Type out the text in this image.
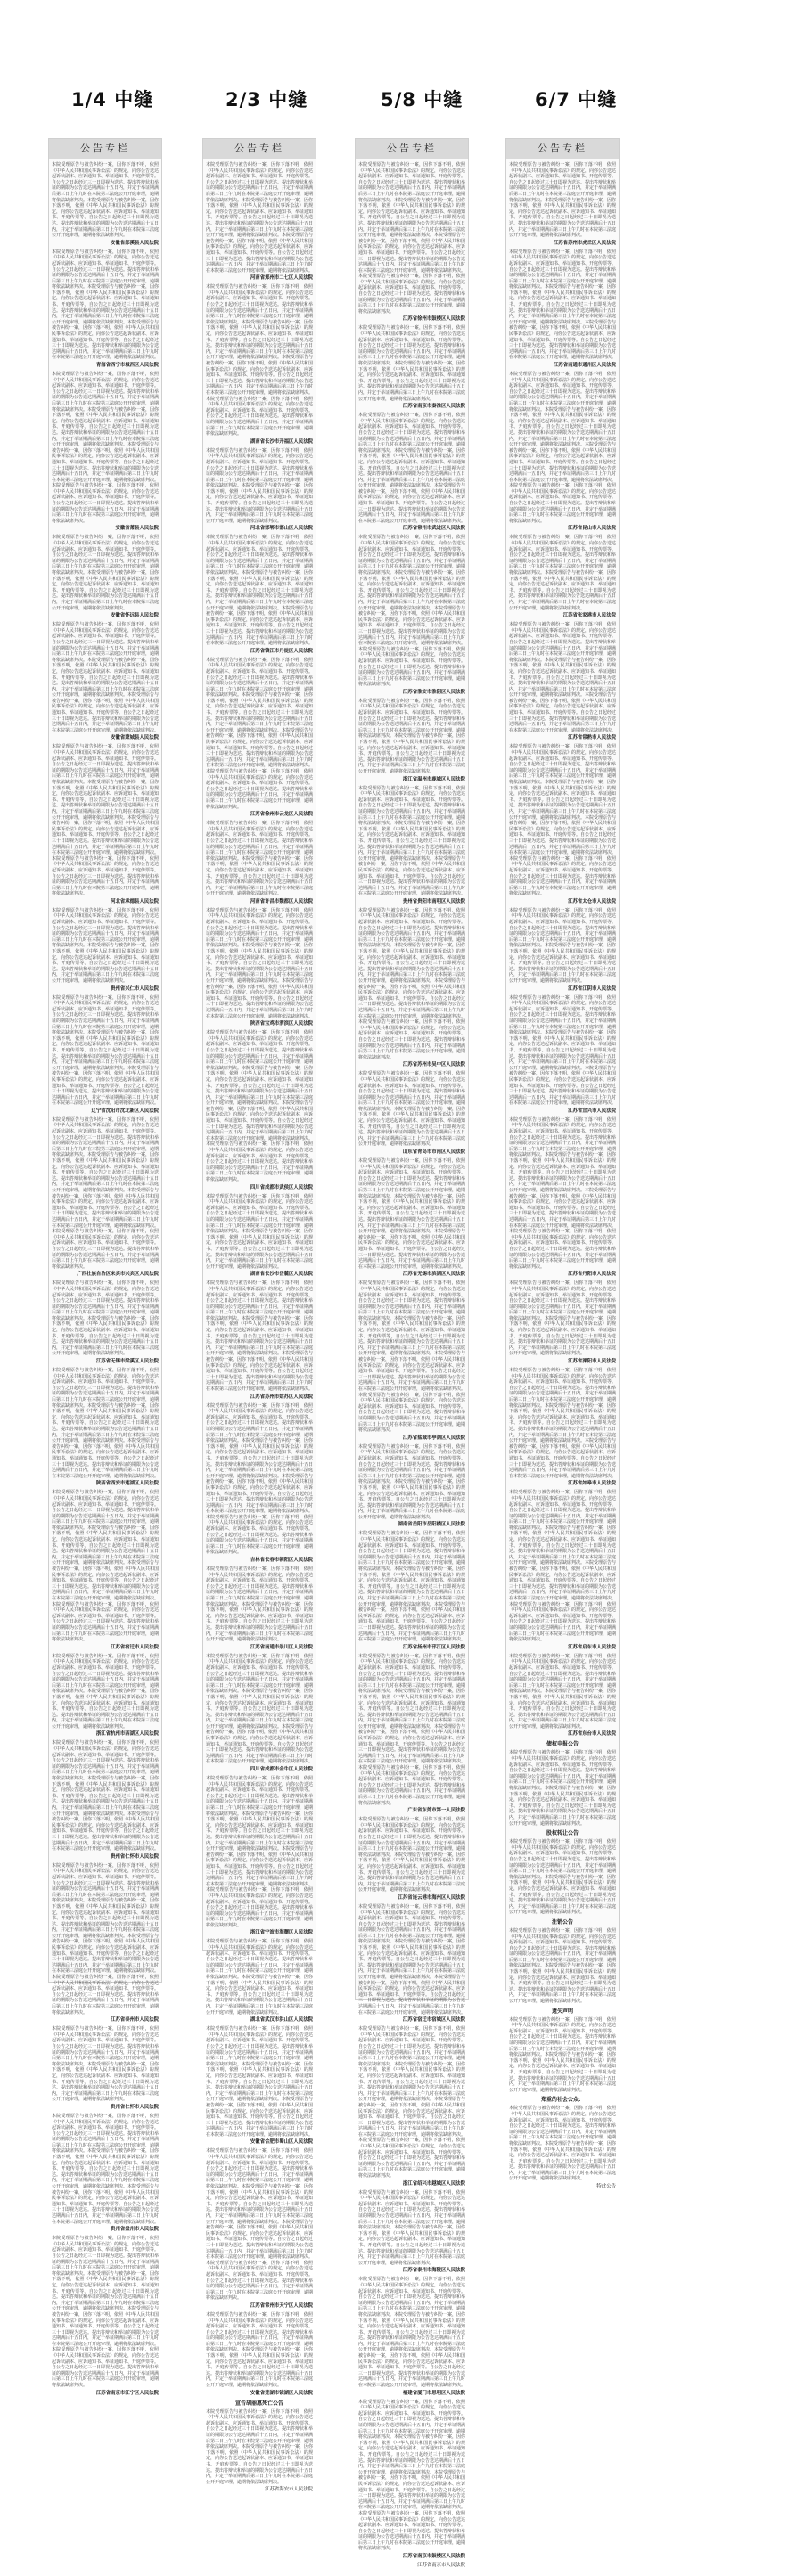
1/4 中缝	2/3 中缝	5/8 中缝	6/7 中缝
公告专栏
本院受理原告与被告纠纷一案，因你下落不明，依照《中华人民共和国民事诉讼法》的规定，向你公告送达起诉状副本、应诉通知书、举证通知书、开庭传票等。自公告之日起经过三十日即视为送达。提出答辩状和举证的期限为公告送达期满后十五日内，并定于举证期满后第三日上午九时在本院第三法庭公开开庭审理，逾期将依法缺席判决。本院受理原告与被告纠纷一案，因你下落不明，依照《中华人民共和国民事诉讼法》的规定，向你公告送达起诉状副本、应诉通知书、举证通知书、开庭传票等。自公告之日起经过三十日即视为送达。提出答辩状和举证的期限为公告送达期满后十五日内，并定于举证期满后第三日上午九时在本院第三法庭公开开庭审理，逾期将依法缺席判决。
安徽省郎溪县人民法院
本院受理原告与被告纠纷一案，因你下落不明，依照《中华人民共和国民事诉讼法》的规定，向你公告送达起诉状副本、应诉通知书、举证通知书、开庭传票等。自公告之日起经过三十日即视为送达。提出答辩状和举证的期限为公告送达期满后十五日内，并定于举证期满后第三日上午九时在本院第三法庭公开开庭审理，逾期将依法缺席判决。本院受理原告与被告纠纷一案，因你下落不明，依照《中华人民共和国民事诉讼法》的规定，向你公告送达起诉状副本、应诉通知书、举证通知书、开庭传票等。自公告之日起经过三十日即视为送达。提出答辩状和举证的期限为公告送达期满后十五日内，并定于举证期满后第三日上午九时在本院第三法庭公开开庭审理，逾期将依法缺席判决。本院受理原告与被告纠纷一案，因你下落不明，依照《中华人民共和国民事诉讼法》的规定，向你公告送达起诉状副本、应诉通知书、举证通知书、开庭传票等。自公告之日起经过三十日即视为送达。提出答辩状和举证的期限为公告送达期满后十五日内，并定于举证期满后第三日上午九时在本院第三法庭公开开庭审理，逾期将依法缺席判决。
青海省西宁市城西区人民法院
本院受理原告与被告纠纷一案，因你下落不明，依照《中华人民共和国民事诉讼法》的规定，向你公告送达起诉状副本、应诉通知书、举证通知书、开庭传票等。自公告之日起经过三十日即视为送达。提出答辩状和举证的期限为公告送达期满后十五日内，并定于举证期满后第三日上午九时在本院第三法庭公开开庭审理，逾期将依法缺席判决。本院受理原告与被告纠纷一案，因你下落不明，依照《中华人民共和国民事诉讼法》的规定，向你公告送达起诉状副本、应诉通知书、举证通知书、开庭传票等。自公告之日起经过三十日即视为送达。提出答辩状和举证的期限为公告送达期满后十五日内，并定于举证期满后第三日上午九时在本院第三法庭公开开庭审理，逾期将依法缺席判决。本院受理原告与被告纠纷一案，因你下落不明，依照《中华人民共和国民事诉讼法》的规定，向你公告送达起诉状副本、应诉通知书、举证通知书、开庭传票等。自公告之日起经过三十日即视为送达。提出答辩状和举证的期限为公告送达期满后十五日内，并定于举证期满后第三日上午九时在本院第三法庭公开开庭审理，逾期将依法缺席判决。本院受理原告与被告纠纷一案，因你下落不明，依照《中华人民共和国民事诉讼法》的规定，向你公告送达起诉状副本、应诉通知书、举证通知书、开庭传票等。自公告之日起经过三十日即视为送达。提出答辩状和举证的期限为公告送达期满后十五日内，并定于举证期满后第三日上午九时在本院第三法庭公开开庭审理，逾期将依法缺席判决。
安徽省萧县人民法院
本院受理原告与被告纠纷一案，因你下落不明，依照《中华人民共和国民事诉讼法》的规定，向你公告送达起诉状副本、应诉通知书、举证通知书、开庭传票等。自公告之日起经过三十日即视为送达。提出答辩状和举证的期限为公告送达期满后十五日内，并定于举证期满后第三日上午九时在本院第三法庭公开开庭审理，逾期将依法缺席判决。本院受理原告与被告纠纷一案，因你下落不明，依照《中华人民共和国民事诉讼法》的规定，向你公告送达起诉状副本、应诉通知书、举证通知书、开庭传票等。自公告之日起经过三十日即视为送达。提出答辩状和举证的期限为公告送达期满后十五日内，并定于举证期满后第三日上午九时在本院第三法庭公开开庭审理，逾期将依法缺席判决。
安徽省怀远县人民法院
本院受理原告与被告纠纷一案，因你下落不明，依照《中华人民共和国民事诉讼法》的规定，向你公告送达起诉状副本、应诉通知书、举证通知书、开庭传票等。自公告之日起经过三十日即视为送达。提出答辩状和举证的期限为公告送达期满后十五日内，并定于举证期满后第三日上午九时在本院第三法庭公开开庭审理，逾期将依法缺席判决。本院受理原告与被告纠纷一案，因你下落不明，依照《中华人民共和国民事诉讼法》的规定，向你公告送达起诉状副本、应诉通知书、举证通知书、开庭传票等。自公告之日起经过三十日即视为送达。提出答辩状和举证的期限为公告送达期满后十五日内，并定于举证期满后第三日上午九时在本院第三法庭公开开庭审理，逾期将依法缺席判决。本院受理原告与被告纠纷一案，因你下落不明，依照《中华人民共和国民事诉讼法》的规定，向你公告送达起诉状副本、应诉通知书、举证通知书、开庭传票等。自公告之日起经过三十日即视为送达。提出答辩状和举证的期限为公告送达期满后十五日内，并定于举证期满后第三日上午九时在本院第三法庭公开开庭审理，逾期将依法缺席判决。
安徽省蒙城县人民法院
本院受理原告与被告纠纷一案，因你下落不明，依照《中华人民共和国民事诉讼法》的规定，向你公告送达起诉状副本、应诉通知书、举证通知书、开庭传票等。自公告之日起经过三十日即视为送达。提出答辩状和举证的期限为公告送达期满后十五日内，并定于举证期满后第三日上午九时在本院第三法庭公开开庭审理，逾期将依法缺席判决。本院受理原告与被告纠纷一案，因你下落不明，依照《中华人民共和国民事诉讼法》的规定，向你公告送达起诉状副本、应诉通知书、举证通知书、开庭传票等。自公告之日起经过三十日即视为送达。提出答辩状和举证的期限为公告送达期满后十五日内，并定于举证期满后第三日上午九时在本院第三法庭公开开庭审理，逾期将依法缺席判决。本院受理原告与被告纠纷一案，因你下落不明，依照《中华人民共和国民事诉讼法》的规定，向你公告送达起诉状副本、应诉通知书、举证通知书、开庭传票等。自公告之日起经过三十日即视为送达。提出答辩状和举证的期限为公告送达期满后十五日内，并定于举证期满后第三日上午九时在本院第三法庭公开开庭审理，逾期将依法缺席判决。本院受理原告与被告纠纷一案，因你下落不明，依照《中华人民共和国民事诉讼法》的规定，向你公告送达起诉状副本、应诉通知书、举证通知书、开庭传票等。自公告之日起经过三十日即视为送达。提出答辩状和举证的期限为公告送达期满后十五日内，并定于举证期满后第三日上午九时在本院第三法庭公开开庭审理，逾期将依法缺席判决。
河北省承德县人民法院
本院受理原告与被告纠纷一案，因你下落不明，依照《中华人民共和国民事诉讼法》的规定，向你公告送达起诉状副本、应诉通知书、举证通知书、开庭传票等。自公告之日起经过三十日即视为送达。提出答辩状和举证的期限为公告送达期满后十五日内，并定于举证期满后第三日上午九时在本院第三法庭公开开庭审理，逾期将依法缺席判决。本院受理原告与被告纠纷一案，因你下落不明，依照《中华人民共和国民事诉讼法》的规定，向你公告送达起诉状副本、应诉通知书、举证通知书、开庭传票等。自公告之日起经过三十日即视为送达。提出答辩状和举证的期限为公告送达期满后十五日内，并定于举证期满后第三日上午九时在本院第三法庭公开开庭审理，逾期将依法缺席判决。
贵州省兴仁市人民法院
本院受理原告与被告纠纷一案，因你下落不明，依照《中华人民共和国民事诉讼法》的规定，向你公告送达起诉状副本、应诉通知书、举证通知书、开庭传票等。自公告之日起经过三十日即视为送达。提出答辩状和举证的期限为公告送达期满后十五日内，并定于举证期满后第三日上午九时在本院第三法庭公开开庭审理，逾期将依法缺席判决。本院受理原告与被告纠纷一案，因你下落不明，依照《中华人民共和国民事诉讼法》的规定，向你公告送达起诉状副本、应诉通知书、举证通知书、开庭传票等。自公告之日起经过三十日即视为送达。提出答辩状和举证的期限为公告送达期满后十五日内，并定于举证期满后第三日上午九时在本院第三法庭公开开庭审理，逾期将依法缺席判决。本院受理原告与被告纠纷一案，因你下落不明，依照《中华人民共和国民事诉讼法》的规定，向你公告送达起诉状副本、应诉通知书、举证通知书、开庭传票等。自公告之日起经过三十日即视为送达。提出答辩状和举证的期限为公告送达期满后十五日内，并定于举证期满后第三日上午九时在本院第三法庭公开开庭审理，逾期将依法缺席判决。
辽宁省沈阳市沈北新区人民法院
本院受理原告与被告纠纷一案，因你下落不明，依照《中华人民共和国民事诉讼法》的规定，向你公告送达起诉状副本、应诉通知书、举证通知书、开庭传票等。自公告之日起经过三十日即视为送达。提出答辩状和举证的期限为公告送达期满后十五日内，并定于举证期满后第三日上午九时在本院第三法庭公开开庭审理，逾期将依法缺席判决。本院受理原告与被告纠纷一案，因你下落不明，依照《中华人民共和国民事诉讼法》的规定，向你公告送达起诉状副本、应诉通知书、举证通知书、开庭传票等。自公告之日起经过三十日即视为送达。提出答辩状和举证的期限为公告送达期满后十五日内，并定于举证期满后第三日上午九时在本院第三法庭公开开庭审理，逾期将依法缺席判决。本院受理原告与被告纠纷一案，因你下落不明，依照《中华人民共和国民事诉讼法》的规定，向你公告送达起诉状副本、应诉通知书、举证通知书、开庭传票等。自公告之日起经过三十日即视为送达。提出答辩状和举证的期限为公告送达期满后十五日内，并定于举证期满后第三日上午九时在本院第三法庭公开开庭审理，逾期将依法缺席判决。本院受理原告与被告纠纷一案，因你下落不明，依照《中华人民共和国民事诉讼法》的规定，向你公告送达起诉状副本、应诉通知书、举证通知书、开庭传票等。自公告之日起经过三十日即视为送达。提出答辩状和举证的期限为公告送达期满后十五日内，并定于举证期满后第三日上午九时在本院第三法庭公开开庭审理，逾期将依法缺席判决。
广西壮族自治区来宾市兴宾区人民法院
本院受理原告与被告纠纷一案，因你下落不明，依照《中华人民共和国民事诉讼法》的规定，向你公告送达起诉状副本、应诉通知书、举证通知书、开庭传票等。自公告之日起经过三十日即视为送达。提出答辩状和举证的期限为公告送达期满后十五日内，并定于举证期满后第三日上午九时在本院第三法庭公开开庭审理，逾期将依法缺席判决。本院受理原告与被告纠纷一案，因你下落不明，依照《中华人民共和国民事诉讼法》的规定，向你公告送达起诉状副本、应诉通知书、举证通知书、开庭传票等。自公告之日起经过三十日即视为送达。提出答辩状和举证的期限为公告送达期满后十五日内，并定于举证期满后第三日上午九时在本院第三法庭公开开庭审理，逾期将依法缺席判决。
江苏省无锡市梁溪区人民法院
本院受理原告与被告纠纷一案，因你下落不明，依照《中华人民共和国民事诉讼法》的规定，向你公告送达起诉状副本、应诉通知书、举证通知书、开庭传票等。自公告之日起经过三十日即视为送达。提出答辩状和举证的期限为公告送达期满后十五日内，并定于举证期满后第三日上午九时在本院第三法庭公开开庭审理，逾期将依法缺席判决。本院受理原告与被告纠纷一案，因你下落不明，依照《中华人民共和国民事诉讼法》的规定，向你公告送达起诉状副本、应诉通知书、举证通知书、开庭传票等。自公告之日起经过三十日即视为送达。提出答辩状和举证的期限为公告送达期满后十五日内，并定于举证期满后第三日上午九时在本院第三法庭公开开庭审理，逾期将依法缺席判决。本院受理原告与被告纠纷一案，因你下落不明，依照《中华人民共和国民事诉讼法》的规定，向你公告送达起诉状副本、应诉通知书、举证通知书、开庭传票等。自公告之日起经过三十日即视为送达。提出答辩状和举证的期限为公告送达期满后十五日内，并定于举证期满后第三日上午九时在本院第三法庭公开开庭审理，逾期将依法缺席判决。
陕西省西安市莲湖区人民法院
本院受理原告与被告纠纷一案，因你下落不明，依照《中华人民共和国民事诉讼法》的规定，向你公告送达起诉状副本、应诉通知书、举证通知书、开庭传票等。自公告之日起经过三十日即视为送达。提出答辩状和举证的期限为公告送达期满后十五日内，并定于举证期满后第三日上午九时在本院第三法庭公开开庭审理，逾期将依法缺席判决。本院受理原告与被告纠纷一案，因你下落不明，依照《中华人民共和国民事诉讼法》的规定，向你公告送达起诉状副本、应诉通知书、举证通知书、开庭传票等。自公告之日起经过三十日即视为送达。提出答辩状和举证的期限为公告送达期满后十五日内，并定于举证期满后第三日上午九时在本院第三法庭公开开庭审理，逾期将依法缺席判决。本院受理原告与被告纠纷一案，因你下落不明，依照《中华人民共和国民事诉讼法》的规定，向你公告送达起诉状副本、应诉通知书、举证通知书、开庭传票等。自公告之日起经过三十日即视为送达。提出答辩状和举证的期限为公告送达期满后十五日内，并定于举证期满后第三日上午九时在本院第三法庭公开开庭审理，逾期将依法缺席判决。本院受理原告与被告纠纷一案，因你下落不明，依照《中华人民共和国民事诉讼法》的规定，向你公告送达起诉状副本、应诉通知书、举证通知书、开庭传票等。自公告之日起经过三十日即视为送达。提出答辩状和举证的期限为公告送达期满后十五日内，并定于举证期满后第三日上午九时在本院第三法庭公开开庭审理，逾期将依法缺席判决。
江苏省宿迁市人民法院
本院受理原告与被告纠纷一案，因你下落不明，依照《中华人民共和国民事诉讼法》的规定，向你公告送达起诉状副本、应诉通知书、举证通知书、开庭传票等。自公告之日起经过三十日即视为送达。提出答辩状和举证的期限为公告送达期满后十五日内，并定于举证期满后第三日上午九时在本院第三法庭公开开庭审理，逾期将依法缺席判决。本院受理原告与被告纠纷一案，因你下落不明，依照《中华人民共和国民事诉讼法》的规定，向你公告送达起诉状副本、应诉通知书、举证通知书、开庭传票等。自公告之日起经过三十日即视为送达。提出答辩状和举证的期限为公告送达期满后十五日内，并定于举证期满后第三日上午九时在本院第三法庭公开开庭审理，逾期将依法缺席判决。
浙江省杭州市西湖区人民法院
本院受理原告与被告纠纷一案，因你下落不明，依照《中华人民共和国民事诉讼法》的规定，向你公告送达起诉状副本、应诉通知书、举证通知书、开庭传票等。自公告之日起经过三十日即视为送达。提出答辩状和举证的期限为公告送达期满后十五日内，并定于举证期满后第三日上午九时在本院第三法庭公开开庭审理，逾期将依法缺席判决。本院受理原告与被告纠纷一案，因你下落不明，依照《中华人民共和国民事诉讼法》的规定，向你公告送达起诉状副本、应诉通知书、举证通知书、开庭传票等。自公告之日起经过三十日即视为送达。提出答辩状和举证的期限为公告送达期满后十五日内，并定于举证期满后第三日上午九时在本院第三法庭公开开庭审理，逾期将依法缺席判决。本院受理原告与被告纠纷一案，因你下落不明，依照《中华人民共和国民事诉讼法》的规定，向你公告送达起诉状副本、应诉通知书、举证通知书、开庭传票等。自公告之日起经过三十日即视为送达。提出答辩状和举证的期限为公告送达期满后十五日内，并定于举证期满后第三日上午九时在本院第三法庭公开开庭审理，逾期将依法缺席判决。
贵州省仁怀市人民法院
本院受理原告与被告纠纷一案，因你下落不明，依照《中华人民共和国民事诉讼法》的规定，向你公告送达起诉状副本、应诉通知书、举证通知书、开庭传票等。自公告之日起经过三十日即视为送达。提出答辩状和举证的期限为公告送达期满后十五日内，并定于举证期满后第三日上午九时在本院第三法庭公开开庭审理，逾期将依法缺席判决。本院受理原告与被告纠纷一案，因你下落不明，依照《中华人民共和国民事诉讼法》的规定，向你公告送达起诉状副本、应诉通知书、举证通知书、开庭传票等。自公告之日起经过三十日即视为送达。提出答辩状和举证的期限为公告送达期满后十五日内，并定于举证期满后第三日上午九时在本院第三法庭公开开庭审理，逾期将依法缺席判决。本院受理原告与被告纠纷一案，因你下落不明，依照《中华人民共和国民事诉讼法》的规定，向你公告送达起诉状副本、应诉通知书、举证通知书、开庭传票等。自公告之日起经过三十日即视为送达。提出答辩状和举证的期限为公告送达期满后十五日内，并定于举证期满后第三日上午九时在本院第三法庭公开开庭审理，逾期将依法缺席判决。本院受理原告与被告纠纷一案，因你下落不明，依照《中华人民共和国民事诉讼法》的规定，向你公告送达起诉状副本、应诉通知书、举证通知书、开庭传票等。自公告之日起经过三十日即视为送达。提出答辩状和举证的期限为公告送达期满后十五日内，并定于举证期满后第三日上午九时在本院第三法庭公开开庭审理，逾期将依法缺席判决。
江苏省泰州市人民法院
本院受理原告与被告纠纷一案，因你下落不明，依照《中华人民共和国民事诉讼法》的规定，向你公告送达起诉状副本、应诉通知书、举证通知书、开庭传票等。自公告之日起经过三十日即视为送达。提出答辩状和举证的期限为公告送达期满后十五日内，并定于举证期满后第三日上午九时在本院第三法庭公开开庭审理，逾期将依法缺席判决。本院受理原告与被告纠纷一案，因你下落不明，依照《中华人民共和国民事诉讼法》的规定，向你公告送达起诉状副本、应诉通知书、举证通知书、开庭传票等。自公告之日起经过三十日即视为送达。提出答辩状和举证的期限为公告送达期满后十五日内，并定于举证期满后第三日上午九时在本院第三法庭公开开庭审理，逾期将依法缺席判决。
贵州省仁怀市人民法院
本院受理原告与被告纠纷一案，因你下落不明，依照《中华人民共和国民事诉讼法》的规定，向你公告送达起诉状副本、应诉通知书、举证通知书、开庭传票等。自公告之日起经过三十日即视为送达。提出答辩状和举证的期限为公告送达期满后十五日内，并定于举证期满后第三日上午九时在本院第三法庭公开开庭审理，逾期将依法缺席判决。本院受理原告与被告纠纷一案，因你下落不明，依照《中华人民共和国民事诉讼法》的规定，向你公告送达起诉状副本、应诉通知书、举证通知书、开庭传票等。自公告之日起经过三十日即视为送达。提出答辩状和举证的期限为公告送达期满后十五日内，并定于举证期满后第三日上午九时在本院第三法庭公开开庭审理，逾期将依法缺席判决。本院受理原告与被告纠纷一案，因你下落不明，依照《中华人民共和国民事诉讼法》的规定，向你公告送达起诉状副本、应诉通知书、举证通知书、开庭传票等。自公告之日起经过三十日即视为送达。提出答辩状和举证的期限为公告送达期满后十五日内，并定于举证期满后第三日上午九时在本院第三法庭公开开庭审理，逾期将依法缺席判决。
贵州省盘州市人民法院
本院受理原告与被告纠纷一案，因你下落不明，依照《中华人民共和国民事诉讼法》的规定，向你公告送达起诉状副本、应诉通知书、举证通知书、开庭传票等。自公告之日起经过三十日即视为送达。提出答辩状和举证的期限为公告送达期满后十五日内，并定于举证期满后第三日上午九时在本院第三法庭公开开庭审理，逾期将依法缺席判决。本院受理原告与被告纠纷一案，因你下落不明，依照《中华人民共和国民事诉讼法》的规定，向你公告送达起诉状副本、应诉通知书、举证通知书、开庭传票等。自公告之日起经过三十日即视为送达。提出答辩状和举证的期限为公告送达期满后十五日内，并定于举证期满后第三日上午九时在本院第三法庭公开开庭审理，逾期将依法缺席判决。本院受理原告与被告纠纷一案，因你下落不明，依照《中华人民共和国民事诉讼法》的规定，向你公告送达起诉状副本、应诉通知书、举证通知书、开庭传票等。自公告之日起经过三十日即视为送达。提出答辩状和举证的期限为公告送达期满后十五日内，并定于举证期满后第三日上午九时在本院第三法庭公开开庭审理，逾期将依法缺席判决。本院受理原告与被告纠纷一案，因你下落不明，依照《中华人民共和国民事诉讼法》的规定，向你公告送达起诉状副本、应诉通知书、举证通知书、开庭传票等。自公告之日起经过三十日即视为送达。提出答辩状和举证的期限为公告送达期满后十五日内，并定于举证期满后第三日上午九时在本院第三法庭公开开庭审理，逾期将依法缺席判决。
江苏省南京市江宁区人民法院
公告专栏
本院受理原告与被告纠纷一案，因你下落不明，依照《中华人民共和国民事诉讼法》的规定，向你公告送达起诉状副本、应诉通知书、举证通知书、开庭传票等。自公告之日起经过三十日即视为送达。提出答辩状和举证的期限为公告送达期满后十五日内，并定于举证期满后第三日上午九时在本院第三法庭公开开庭审理，逾期将依法缺席判决。本院受理原告与被告纠纷一案，因你下落不明，依照《中华人民共和国民事诉讼法》的规定，向你公告送达起诉状副本、应诉通知书、举证通知书、开庭传票等。自公告之日起经过三十日即视为送达。提出答辩状和举证的期限为公告送达期满后十五日内，并定于举证期满后第三日上午九时在本院第三法庭公开开庭审理，逾期将依法缺席判决。本院受理原告与被告纠纷一案，因你下落不明，依照《中华人民共和国民事诉讼法》的规定，向你公告送达起诉状副本、应诉通知书、举证通知书、开庭传票等。自公告之日起经过三十日即视为送达。提出答辩状和举证的期限为公告送达期满后十五日内，并定于举证期满后第三日上午九时在本院第三法庭公开开庭审理，逾期将依法缺席判决。
河南省郑州市二七区人民法院
本院受理原告与被告纠纷一案，因你下落不明，依照《中华人民共和国民事诉讼法》的规定，向你公告送达起诉状副本、应诉通知书、举证通知书、开庭传票等。自公告之日起经过三十日即视为送达。提出答辩状和举证的期限为公告送达期满后十五日内，并定于举证期满后第三日上午九时在本院第三法庭公开开庭审理，逾期将依法缺席判决。本院受理原告与被告纠纷一案，因你下落不明，依照《中华人民共和国民事诉讼法》的规定，向你公告送达起诉状副本、应诉通知书、举证通知书、开庭传票等。自公告之日起经过三十日即视为送达。提出答辩状和举证的期限为公告送达期满后十五日内，并定于举证期满后第三日上午九时在本院第三法庭公开开庭审理，逾期将依法缺席判决。本院受理原告与被告纠纷一案，因你下落不明，依照《中华人民共和国民事诉讼法》的规定，向你公告送达起诉状副本、应诉通知书、举证通知书、开庭传票等。自公告之日起经过三十日即视为送达。提出答辩状和举证的期限为公告送达期满后十五日内，并定于举证期满后第三日上午九时在本院第三法庭公开开庭审理，逾期将依法缺席判决。本院受理原告与被告纠纷一案，因你下落不明，依照《中华人民共和国民事诉讼法》的规定，向你公告送达起诉状副本、应诉通知书、举证通知书、开庭传票等。自公告之日起经过三十日即视为送达。提出答辩状和举证的期限为公告送达期满后十五日内，并定于举证期满后第三日上午九时在本院第三法庭公开开庭审理，逾期将依法缺席判决。
湖南省长沙市开福区人民法院
本院受理原告与被告纠纷一案，因你下落不明，依照《中华人民共和国民事诉讼法》的规定，向你公告送达起诉状副本、应诉通知书、举证通知书、开庭传票等。自公告之日起经过三十日即视为送达。提出答辩状和举证的期限为公告送达期满后十五日内，并定于举证期满后第三日上午九时在本院第三法庭公开开庭审理，逾期将依法缺席判决。本院受理原告与被告纠纷一案，因你下落不明，依照《中华人民共和国民事诉讼法》的规定，向你公告送达起诉状副本、应诉通知书、举证通知书、开庭传票等。自公告之日起经过三十日即视为送达。提出答辩状和举证的期限为公告送达期满后十五日内，并定于举证期满后第三日上午九时在本院第三法庭公开开庭审理，逾期将依法缺席判决。
河北省邯郸市邯山区人民法院
本院受理原告与被告纠纷一案，因你下落不明，依照《中华人民共和国民事诉讼法》的规定，向你公告送达起诉状副本、应诉通知书、举证通知书、开庭传票等。自公告之日起经过三十日即视为送达。提出答辩状和举证的期限为公告送达期满后十五日内，并定于举证期满后第三日上午九时在本院第三法庭公开开庭审理，逾期将依法缺席判决。本院受理原告与被告纠纷一案，因你下落不明，依照《中华人民共和国民事诉讼法》的规定，向你公告送达起诉状副本、应诉通知书、举证通知书、开庭传票等。自公告之日起经过三十日即视为送达。提出答辩状和举证的期限为公告送达期满后十五日内，并定于举证期满后第三日上午九时在本院第三法庭公开开庭审理，逾期将依法缺席判决。本院受理原告与被告纠纷一案，因你下落不明，依照《中华人民共和国民事诉讼法》的规定，向你公告送达起诉状副本、应诉通知书、举证通知书、开庭传票等。自公告之日起经过三十日即视为送达。提出答辩状和举证的期限为公告送达期满后十五日内，并定于举证期满后第三日上午九时在本院第三法庭公开开庭审理，逾期将依法缺席判决。
江苏省镇江市丹徒区人民法院
本院受理原告与被告纠纷一案，因你下落不明，依照《中华人民共和国民事诉讼法》的规定，向你公告送达起诉状副本、应诉通知书、举证通知书、开庭传票等。自公告之日起经过三十日即视为送达。提出答辩状和举证的期限为公告送达期满后十五日内，并定于举证期满后第三日上午九时在本院第三法庭公开开庭审理，逾期将依法缺席判决。本院受理原告与被告纠纷一案，因你下落不明，依照《中华人民共和国民事诉讼法》的规定，向你公告送达起诉状副本、应诉通知书、举证通知书、开庭传票等。自公告之日起经过三十日即视为送达。提出答辩状和举证的期限为公告送达期满后十五日内，并定于举证期满后第三日上午九时在本院第三法庭公开开庭审理，逾期将依法缺席判决。本院受理原告与被告纠纷一案，因你下落不明，依照《中华人民共和国民事诉讼法》的规定，向你公告送达起诉状副本、应诉通知书、举证通知书、开庭传票等。自公告之日起经过三十日即视为送达。提出答辩状和举证的期限为公告送达期满后十五日内，并定于举证期满后第三日上午九时在本院第三法庭公开开庭审理，逾期将依法缺席判决。本院受理原告与被告纠纷一案，因你下落不明，依照《中华人民共和国民事诉讼法》的规定，向你公告送达起诉状副本、应诉通知书、举证通知书、开庭传票等。自公告之日起经过三十日即视为送达。提出答辩状和举证的期限为公告送达期满后十五日内，并定于举证期满后第三日上午九时在本院第三法庭公开开庭审理，逾期将依法缺席判决。
江苏省徐州市云龙区人民法院
本院受理原告与被告纠纷一案，因你下落不明，依照《中华人民共和国民事诉讼法》的规定，向你公告送达起诉状副本、应诉通知书、举证通知书、开庭传票等。自公告之日起经过三十日即视为送达。提出答辩状和举证的期限为公告送达期满后十五日内，并定于举证期满后第三日上午九时在本院第三法庭公开开庭审理，逾期将依法缺席判决。本院受理原告与被告纠纷一案，因你下落不明，依照《中华人民共和国民事诉讼法》的规定，向你公告送达起诉状副本、应诉通知书、举证通知书、开庭传票等。自公告之日起经过三十日即视为送达。提出答辩状和举证的期限为公告送达期满后十五日内，并定于举证期满后第三日上午九时在本院第三法庭公开开庭审理，逾期将依法缺席判决。
河南省许昌市魏都区人民法院
本院受理原告与被告纠纷一案，因你下落不明，依照《中华人民共和国民事诉讼法》的规定，向你公告送达起诉状副本、应诉通知书、举证通知书、开庭传票等。自公告之日起经过三十日即视为送达。提出答辩状和举证的期限为公告送达期满后十五日内，并定于举证期满后第三日上午九时在本院第三法庭公开开庭审理，逾期将依法缺席判决。本院受理原告与被告纠纷一案，因你下落不明，依照《中华人民共和国民事诉讼法》的规定，向你公告送达起诉状副本、应诉通知书、举证通知书、开庭传票等。自公告之日起经过三十日即视为送达。提出答辩状和举证的期限为公告送达期满后十五日内，并定于举证期满后第三日上午九时在本院第三法庭公开开庭审理，逾期将依法缺席判决。本院受理原告与被告纠纷一案，因你下落不明，依照《中华人民共和国民事诉讼法》的规定，向你公告送达起诉状副本、应诉通知书、举证通知书、开庭传票等。自公告之日起经过三十日即视为送达。提出答辩状和举证的期限为公告送达期满后十五日内，并定于举证期满后第三日上午九时在本院第三法庭公开开庭审理，逾期将依法缺席判决。
陕西省宝鸡市渭滨区人民法院
本院受理原告与被告纠纷一案，因你下落不明，依照《中华人民共和国民事诉讼法》的规定，向你公告送达起诉状副本、应诉通知书、举证通知书、开庭传票等。自公告之日起经过三十日即视为送达。提出答辩状和举证的期限为公告送达期满后十五日内，并定于举证期满后第三日上午九时在本院第三法庭公开开庭审理，逾期将依法缺席判决。本院受理原告与被告纠纷一案，因你下落不明，依照《中华人民共和国民事诉讼法》的规定，向你公告送达起诉状副本、应诉通知书、举证通知书、开庭传票等。自公告之日起经过三十日即视为送达。提出答辩状和举证的期限为公告送达期满后十五日内，并定于举证期满后第三日上午九时在本院第三法庭公开开庭审理，逾期将依法缺席判决。本院受理原告与被告纠纷一案，因你下落不明，依照《中华人民共和国民事诉讼法》的规定，向你公告送达起诉状副本、应诉通知书、举证通知书、开庭传票等。自公告之日起经过三十日即视为送达。提出答辩状和举证的期限为公告送达期满后十五日内，并定于举证期满后第三日上午九时在本院第三法庭公开开庭审理，逾期将依法缺席判决。本院受理原告与被告纠纷一案，因你下落不明，依照《中华人民共和国民事诉讼法》的规定，向你公告送达起诉状副本、应诉通知书、举证通知书、开庭传票等。自公告之日起经过三十日即视为送达。提出答辩状和举证的期限为公告送达期满后十五日内，并定于举证期满后第三日上午九时在本院第三法庭公开开庭审理，逾期将依法缺席判决。
四川省成都市武侯区人民法院
本院受理原告与被告纠纷一案，因你下落不明，依照《中华人民共和国民事诉讼法》的规定，向你公告送达起诉状副本、应诉通知书、举证通知书、开庭传票等。自公告之日起经过三十日即视为送达。提出答辩状和举证的期限为公告送达期满后十五日内，并定于举证期满后第三日上午九时在本院第三法庭公开开庭审理，逾期将依法缺席判决。本院受理原告与被告纠纷一案，因你下落不明，依照《中华人民共和国民事诉讼法》的规定，向你公告送达起诉状副本、应诉通知书、举证通知书、开庭传票等。自公告之日起经过三十日即视为送达。提出答辩状和举证的期限为公告送达期满后十五日内，并定于举证期满后第三日上午九时在本院第三法庭公开开庭审理，逾期将依法缺席判决。
湖南省长沙市岳麓区人民法院
本院受理原告与被告纠纷一案，因你下落不明，依照《中华人民共和国民事诉讼法》的规定，向你公告送达起诉状副本、应诉通知书、举证通知书、开庭传票等。自公告之日起经过三十日即视为送达。提出答辩状和举证的期限为公告送达期满后十五日内，并定于举证期满后第三日上午九时在本院第三法庭公开开庭审理，逾期将依法缺席判决。本院受理原告与被告纠纷一案，因你下落不明，依照《中华人民共和国民事诉讼法》的规定，向你公告送达起诉状副本、应诉通知书、举证通知书、开庭传票等。自公告之日起经过三十日即视为送达。提出答辩状和举证的期限为公告送达期满后十五日内，并定于举证期满后第三日上午九时在本院第三法庭公开开庭审理，逾期将依法缺席判决。本院受理原告与被告纠纷一案，因你下落不明，依照《中华人民共和国民事诉讼法》的规定，向你公告送达起诉状副本、应诉通知书、举证通知书、开庭传票等。自公告之日起经过三十日即视为送达。提出答辩状和举证的期限为公告送达期满后十五日内，并定于举证期满后第三日上午九时在本院第三法庭公开开庭审理，逾期将依法缺席判决。
江苏省苏州市姑苏区人民法院
本院受理原告与被告纠纷一案，因你下落不明，依照《中华人民共和国民事诉讼法》的规定，向你公告送达起诉状副本、应诉通知书、举证通知书、开庭传票等。自公告之日起经过三十日即视为送达。提出答辩状和举证的期限为公告送达期满后十五日内，并定于举证期满后第三日上午九时在本院第三法庭公开开庭审理，逾期将依法缺席判决。本院受理原告与被告纠纷一案，因你下落不明，依照《中华人民共和国民事诉讼法》的规定，向你公告送达起诉状副本、应诉通知书、举证通知书、开庭传票等。自公告之日起经过三十日即视为送达。提出答辩状和举证的期限为公告送达期满后十五日内，并定于举证期满后第三日上午九时在本院第三法庭公开开庭审理，逾期将依法缺席判决。本院受理原告与被告纠纷一案，因你下落不明，依照《中华人民共和国民事诉讼法》的规定，向你公告送达起诉状副本、应诉通知书、举证通知书、开庭传票等。自公告之日起经过三十日即视为送达。提出答辩状和举证的期限为公告送达期满后十五日内，并定于举证期满后第三日上午九时在本院第三法庭公开开庭审理，逾期将依法缺席判决。本院受理原告与被告纠纷一案，因你下落不明，依照《中华人民共和国民事诉讼法》的规定，向你公告送达起诉状副本、应诉通知书、举证通知书、开庭传票等。自公告之日起经过三十日即视为送达。提出答辩状和举证的期限为公告送达期满后十五日内，并定于举证期满后第三日上午九时在本院第三法庭公开开庭审理，逾期将依法缺席判决。
吉林省长春市朝阳区人民法院
本院受理原告与被告纠纷一案，因你下落不明，依照《中华人民共和国民事诉讼法》的规定，向你公告送达起诉状副本、应诉通知书、举证通知书、开庭传票等。自公告之日起经过三十日即视为送达。提出答辩状和举证的期限为公告送达期满后十五日内，并定于举证期满后第三日上午九时在本院第三法庭公开开庭审理，逾期将依法缺席判决。本院受理原告与被告纠纷一案，因你下落不明，依照《中华人民共和国民事诉讼法》的规定，向你公告送达起诉状副本、应诉通知书、举证通知书、开庭传票等。自公告之日起经过三十日即视为送达。提出答辩状和举证的期限为公告送达期满后十五日内，并定于举证期满后第三日上午九时在本院第三法庭公开开庭审理，逾期将依法缺席判决。
江苏省南通市崇川区人民法院
本院受理原告与被告纠纷一案，因你下落不明，依照《中华人民共和国民事诉讼法》的规定，向你公告送达起诉状副本、应诉通知书、举证通知书、开庭传票等。自公告之日起经过三十日即视为送达。提出答辩状和举证的期限为公告送达期满后十五日内，并定于举证期满后第三日上午九时在本院第三法庭公开开庭审理，逾期将依法缺席判决。本院受理原告与被告纠纷一案，因你下落不明，依照《中华人民共和国民事诉讼法》的规定，向你公告送达起诉状副本、应诉通知书、举证通知书、开庭传票等。自公告之日起经过三十日即视为送达。提出答辩状和举证的期限为公告送达期满后十五日内，并定于举证期满后第三日上午九时在本院第三法庭公开开庭审理，逾期将依法缺席判决。本院受理原告与被告纠纷一案，因你下落不明，依照《中华人民共和国民事诉讼法》的规定，向你公告送达起诉状副本、应诉通知书、举证通知书、开庭传票等。自公告之日起经过三十日即视为送达。提出答辩状和举证的期限为公告送达期满后十五日内，并定于举证期满后第三日上午九时在本院第三法庭公开开庭审理，逾期将依法缺席判决。
四川省成都市金牛区人民法院
本院受理原告与被告纠纷一案，因你下落不明，依照《中华人民共和国民事诉讼法》的规定，向你公告送达起诉状副本、应诉通知书、举证通知书、开庭传票等。自公告之日起经过三十日即视为送达。提出答辩状和举证的期限为公告送达期满后十五日内，并定于举证期满后第三日上午九时在本院第三法庭公开开庭审理，逾期将依法缺席判决。本院受理原告与被告纠纷一案，因你下落不明，依照《中华人民共和国民事诉讼法》的规定，向你公告送达起诉状副本、应诉通知书、举证通知书、开庭传票等。自公告之日起经过三十日即视为送达。提出答辩状和举证的期限为公告送达期满后十五日内，并定于举证期满后第三日上午九时在本院第三法庭公开开庭审理，逾期将依法缺席判决。本院受理原告与被告纠纷一案，因你下落不明，依照《中华人民共和国民事诉讼法》的规定，向你公告送达起诉状副本、应诉通知书、举证通知书、开庭传票等。自公告之日起经过三十日即视为送达。提出答辩状和举证的期限为公告送达期满后十五日内，并定于举证期满后第三日上午九时在本院第三法庭公开开庭审理，逾期将依法缺席判决。本院受理原告与被告纠纷一案，因你下落不明，依照《中华人民共和国民事诉讼法》的规定，向你公告送达起诉状副本、应诉通知书、举证通知书、开庭传票等。自公告之日起经过三十日即视为送达。提出答辩状和举证的期限为公告送达期满后十五日内，并定于举证期满后第三日上午九时在本院第三法庭公开开庭审理，逾期将依法缺席判决。
浙江省宁波市海曙区人民法院
本院受理原告与被告纠纷一案，因你下落不明，依照《中华人民共和国民事诉讼法》的规定，向你公告送达起诉状副本、应诉通知书、举证通知书、开庭传票等。自公告之日起经过三十日即视为送达。提出答辩状和举证的期限为公告送达期满后十五日内，并定于举证期满后第三日上午九时在本院第三法庭公开开庭审理，逾期将依法缺席判决。本院受理原告与被告纠纷一案，因你下落不明，依照《中华人民共和国民事诉讼法》的规定，向你公告送达起诉状副本、应诉通知书、举证通知书、开庭传票等。自公告之日起经过三十日即视为送达。提出答辩状和举证的期限为公告送达期满后十五日内，并定于举证期满后第三日上午九时在本院第三法庭公开开庭审理，逾期将依法缺席判决。
湖北省武汉市洪山区人民法院
本院受理原告与被告纠纷一案，因你下落不明，依照《中华人民共和国民事诉讼法》的规定，向你公告送达起诉状副本、应诉通知书、举证通知书、开庭传票等。自公告之日起经过三十日即视为送达。提出答辩状和举证的期限为公告送达期满后十五日内，并定于举证期满后第三日上午九时在本院第三法庭公开开庭审理，逾期将依法缺席判决。本院受理原告与被告纠纷一案，因你下落不明，依照《中华人民共和国民事诉讼法》的规定，向你公告送达起诉状副本、应诉通知书、举证通知书、开庭传票等。自公告之日起经过三十日即视为送达。提出答辩状和举证的期限为公告送达期满后十五日内，并定于举证期满后第三日上午九时在本院第三法庭公开开庭审理，逾期将依法缺席判决。本院受理原告与被告纠纷一案，因你下落不明，依照《中华人民共和国民事诉讼法》的规定，向你公告送达起诉状副本、应诉通知书、举证通知书、开庭传票等。自公告之日起经过三十日即视为送达。提出答辩状和举证的期限为公告送达期满后十五日内，并定于举证期满后第三日上午九时在本院第三法庭公开开庭审理，逾期将依法缺席判决。
安徽省合肥市蜀山区人民法院
本院受理原告与被告纠纷一案，因你下落不明，依照《中华人民共和国民事诉讼法》的规定，向你公告送达起诉状副本、应诉通知书、举证通知书、开庭传票等。自公告之日起经过三十日即视为送达。提出答辩状和举证的期限为公告送达期满后十五日内，并定于举证期满后第三日上午九时在本院第三法庭公开开庭审理，逾期将依法缺席判决。本院受理原告与被告纠纷一案，因你下落不明，依照《中华人民共和国民事诉讼法》的规定，向你公告送达起诉状副本、应诉通知书、举证通知书、开庭传票等。自公告之日起经过三十日即视为送达。提出答辩状和举证的期限为公告送达期满后十五日内，并定于举证期满后第三日上午九时在本院第三法庭公开开庭审理，逾期将依法缺席判决。本院受理原告与被告纠纷一案，因你下落不明，依照《中华人民共和国民事诉讼法》的规定，向你公告送达起诉状副本、应诉通知书、举证通知书、开庭传票等。自公告之日起经过三十日即视为送达。提出答辩状和举证的期限为公告送达期满后十五日内，并定于举证期满后第三日上午九时在本院第三法庭公开开庭审理，逾期将依法缺席判决。本院受理原告与被告纠纷一案，因你下落不明，依照《中华人民共和国民事诉讼法》的规定，向你公告送达起诉状副本、应诉通知书、举证通知书、开庭传票等。自公告之日起经过三十日即视为送达。提出答辩状和举证的期限为公告送达期满后十五日内，并定于举证期满后第三日上午九时在本院第三法庭公开开庭审理，逾期将依法缺席判决。
江苏省常州市天宁区人民法院
本院受理原告与被告纠纷一案，因你下落不明，依照《中华人民共和国民事诉讼法》的规定，向你公告送达起诉状副本、应诉通知书、举证通知书、开庭传票等。自公告之日起经过三十日即视为送达。提出答辩状和举证的期限为公告送达期满后十五日内，并定于举证期满后第三日上午九时在本院第三法庭公开开庭审理，逾期将依法缺席判决。本院受理原告与被告纠纷一案，因你下落不明，依照《中华人民共和国民事诉讼法》的规定，向你公告送达起诉状副本、应诉通知书、举证通知书、开庭传票等。自公告之日起经过三十日即视为送达。提出答辩状和举证的期限为公告送达期满后十五日内，并定于举证期满后第三日上午九时在本院第三法庭公开开庭审理，逾期将依法缺席判决。
安徽省芜湖市镜湖区人民法院
宣告胡丽惠死亡公告
本院受理原告与被告纠纷一案，因你下落不明，依照《中华人民共和国民事诉讼法》的规定，向你公告送达起诉状副本、应诉通知书、举证通知书、开庭传票等。自公告之日起经过三十日即视为送达。提出答辩状和举证的期限为公告送达期满后十五日内，并定于举证期满后第三日上午九时在本院第三法庭公开开庭审理，逾期将依法缺席判决。本院受理原告与被告纠纷一案，因你下落不明，依照《中华人民共和国民事诉讼法》的规定，向你公告送达起诉状副本、应诉通知书、举证通知书、开庭传票等。自公告之日起经过三十日即视为送达。提出答辩状和举证的期限为公告送达期满后十五日内，并定于举证期满后第三日上午九时在本院第三法庭公开开庭审理，逾期将依法缺席判决。
江苏省海安市人民法院
公告专栏
本院受理原告与被告纠纷一案，因你下落不明，依照《中华人民共和国民事诉讼法》的规定，向你公告送达起诉状副本、应诉通知书、举证通知书、开庭传票等。自公告之日起经过三十日即视为送达。提出答辩状和举证的期限为公告送达期满后十五日内，并定于举证期满后第三日上午九时在本院第三法庭公开开庭审理，逾期将依法缺席判决。本院受理原告与被告纠纷一案，因你下落不明，依照《中华人民共和国民事诉讼法》的规定，向你公告送达起诉状副本、应诉通知书、举证通知书、开庭传票等。自公告之日起经过三十日即视为送达。提出答辩状和举证的期限为公告送达期满后十五日内，并定于举证期满后第三日上午九时在本院第三法庭公开开庭审理，逾期将依法缺席判决。本院受理原告与被告纠纷一案，因你下落不明，依照《中华人民共和国民事诉讼法》的规定，向你公告送达起诉状副本、应诉通知书、举证通知书、开庭传票等。自公告之日起经过三十日即视为送达。提出答辩状和举证的期限为公告送达期满后十五日内，并定于举证期满后第三日上午九时在本院第三法庭公开开庭审理，逾期将依法缺席判决。本院受理原告与被告纠纷一案，因你下落不明，依照《中华人民共和国民事诉讼法》的规定，向你公告送达起诉状副本、应诉通知书、举证通知书、开庭传票等。自公告之日起经过三十日即视为送达。提出答辩状和举证的期限为公告送达期满后十五日内，并定于举证期满后第三日上午九时在本院第三法庭公开开庭审理，逾期将依法缺席判决。
江苏省徐州市鼓楼区人民法院
本院受理原告与被告纠纷一案，因你下落不明，依照《中华人民共和国民事诉讼法》的规定，向你公告送达起诉状副本、应诉通知书、举证通知书、开庭传票等。自公告之日起经过三十日即视为送达。提出答辩状和举证的期限为公告送达期满后十五日内，并定于举证期满后第三日上午九时在本院第三法庭公开开庭审理，逾期将依法缺席判决。本院受理原告与被告纠纷一案，因你下落不明，依照《中华人民共和国民事诉讼法》的规定，向你公告送达起诉状副本、应诉通知书、举证通知书、开庭传票等。自公告之日起经过三十日即视为送达。提出答辩状和举证的期限为公告送达期满后十五日内，并定于举证期满后第三日上午九时在本院第三法庭公开开庭审理，逾期将依法缺席判决。
江苏省南京市秦淮区人民法院
本院受理原告与被告纠纷一案，因你下落不明，依照《中华人民共和国民事诉讼法》的规定，向你公告送达起诉状副本、应诉通知书、举证通知书、开庭传票等。自公告之日起经过三十日即视为送达。提出答辩状和举证的期限为公告送达期满后十五日内，并定于举证期满后第三日上午九时在本院第三法庭公开开庭审理，逾期将依法缺席判决。本院受理原告与被告纠纷一案，因你下落不明，依照《中华人民共和国民事诉讼法》的规定，向你公告送达起诉状副本、应诉通知书、举证通知书、开庭传票等。自公告之日起经过三十日即视为送达。提出答辩状和举证的期限为公告送达期满后十五日内，并定于举证期满后第三日上午九时在本院第三法庭公开开庭审理，逾期将依法缺席判决。本院受理原告与被告纠纷一案，因你下落不明，依照《中华人民共和国民事诉讼法》的规定，向你公告送达起诉状副本、应诉通知书、举证通知书、开庭传票等。自公告之日起经过三十日即视为送达。提出答辩状和举证的期限为公告送达期满后十五日内，并定于举证期满后第三日上午九时在本院第三法庭公开开庭审理，逾期将依法缺席判决。
江苏省常州市武进区人民法院
本院受理原告与被告纠纷一案，因你下落不明，依照《中华人民共和国民事诉讼法》的规定，向你公告送达起诉状副本、应诉通知书、举证通知书、开庭传票等。自公告之日起经过三十日即视为送达。提出答辩状和举证的期限为公告送达期满后十五日内，并定于举证期满后第三日上午九时在本院第三法庭公开开庭审理，逾期将依法缺席判决。本院受理原告与被告纠纷一案，因你下落不明，依照《中华人民共和国民事诉讼法》的规定，向你公告送达起诉状副本、应诉通知书、举证通知书、开庭传票等。自公告之日起经过三十日即视为送达。提出答辩状和举证的期限为公告送达期满后十五日内，并定于举证期满后第三日上午九时在本院第三法庭公开开庭审理，逾期将依法缺席判决。本院受理原告与被告纠纷一案，因你下落不明，依照《中华人民共和国民事诉讼法》的规定，向你公告送达起诉状副本、应诉通知书、举证通知书、开庭传票等。自公告之日起经过三十日即视为送达。提出答辩状和举证的期限为公告送达期满后十五日内，并定于举证期满后第三日上午九时在本院第三法庭公开开庭审理，逾期将依法缺席判决。本院受理原告与被告纠纷一案，因你下落不明，依照《中华人民共和国民事诉讼法》的规定，向你公告送达起诉状副本、应诉通知书、举证通知书、开庭传票等。自公告之日起经过三十日即视为送达。提出答辩状和举证的期限为公告送达期满后十五日内，并定于举证期满后第三日上午九时在本院第三法庭公开开庭审理，逾期将依法缺席判决。
江苏省淮安市淮阴区人民法院
本院受理原告与被告纠纷一案，因你下落不明，依照《中华人民共和国民事诉讼法》的规定，向你公告送达起诉状副本、应诉通知书、举证通知书、开庭传票等。自公告之日起经过三十日即视为送达。提出答辩状和举证的期限为公告送达期满后十五日内，并定于举证期满后第三日上午九时在本院第三法庭公开开庭审理，逾期将依法缺席判决。本院受理原告与被告纠纷一案，因你下落不明，依照《中华人民共和国民事诉讼法》的规定，向你公告送达起诉状副本、应诉通知书、举证通知书、开庭传票等。自公告之日起经过三十日即视为送达。提出答辩状和举证的期限为公告送达期满后十五日内，并定于举证期满后第三日上午九时在本院第三法庭公开开庭审理，逾期将依法缺席判决。
浙江省温州市鹿城区人民法院
本院受理原告与被告纠纷一案，因你下落不明，依照《中华人民共和国民事诉讼法》的规定，向你公告送达起诉状副本、应诉通知书、举证通知书、开庭传票等。自公告之日起经过三十日即视为送达。提出答辩状和举证的期限为公告送达期满后十五日内，并定于举证期满后第三日上午九时在本院第三法庭公开开庭审理，逾期将依法缺席判决。本院受理原告与被告纠纷一案，因你下落不明，依照《中华人民共和国民事诉讼法》的规定，向你公告送达起诉状副本、应诉通知书、举证通知书、开庭传票等。自公告之日起经过三十日即视为送达。提出答辩状和举证的期限为公告送达期满后十五日内，并定于举证期满后第三日上午九时在本院第三法庭公开开庭审理，逾期将依法缺席判决。本院受理原告与被告纠纷一案，因你下落不明，依照《中华人民共和国民事诉讼法》的规定，向你公告送达起诉状副本、应诉通知书、举证通知书、开庭传票等。自公告之日起经过三十日即视为送达。提出答辩状和举证的期限为公告送达期满后十五日内，并定于举证期满后第三日上午九时在本院第三法庭公开开庭审理，逾期将依法缺席判决。
贵州省贵阳市南明区人民法院
本院受理原告与被告纠纷一案，因你下落不明，依照《中华人民共和国民事诉讼法》的规定，向你公告送达起诉状副本、应诉通知书、举证通知书、开庭传票等。自公告之日起经过三十日即视为送达。提出答辩状和举证的期限为公告送达期满后十五日内，并定于举证期满后第三日上午九时在本院第三法庭公开开庭审理，逾期将依法缺席判决。本院受理原告与被告纠纷一案，因你下落不明，依照《中华人民共和国民事诉讼法》的规定，向你公告送达起诉状副本、应诉通知书、举证通知书、开庭传票等。自公告之日起经过三十日即视为送达。提出答辩状和举证的期限为公告送达期满后十五日内，并定于举证期满后第三日上午九时在本院第三法庭公开开庭审理，逾期将依法缺席判决。本院受理原告与被告纠纷一案，因你下落不明，依照《中华人民共和国民事诉讼法》的规定，向你公告送达起诉状副本、应诉通知书、举证通知书、开庭传票等。自公告之日起经过三十日即视为送达。提出答辩状和举证的期限为公告送达期满后十五日内，并定于举证期满后第三日上午九时在本院第三法庭公开开庭审理，逾期将依法缺席判决。本院受理原告与被告纠纷一案，因你下落不明，依照《中华人民共和国民事诉讼法》的规定，向你公告送达起诉状副本、应诉通知书、举证通知书、开庭传票等。自公告之日起经过三十日即视为送达。提出答辩状和举证的期限为公告送达期满后十五日内，并定于举证期满后第三日上午九时在本院第三法庭公开开庭审理，逾期将依法缺席判决。
江苏省苏州市吴中区人民法院
本院受理原告与被告纠纷一案，因你下落不明，依照《中华人民共和国民事诉讼法》的规定，向你公告送达起诉状副本、应诉通知书、举证通知书、开庭传票等。自公告之日起经过三十日即视为送达。提出答辩状和举证的期限为公告送达期满后十五日内，并定于举证期满后第三日上午九时在本院第三法庭公开开庭审理，逾期将依法缺席判决。本院受理原告与被告纠纷一案，因你下落不明，依照《中华人民共和国民事诉讼法》的规定，向你公告送达起诉状副本、应诉通知书、举证通知书、开庭传票等。自公告之日起经过三十日即视为送达。提出答辩状和举证的期限为公告送达期满后十五日内，并定于举证期满后第三日上午九时在本院第三法庭公开开庭审理，逾期将依法缺席判决。
山东省青岛市市南区人民法院
本院受理原告与被告纠纷一案，因你下落不明，依照《中华人民共和国民事诉讼法》的规定，向你公告送达起诉状副本、应诉通知书、举证通知书、开庭传票等。自公告之日起经过三十日即视为送达。提出答辩状和举证的期限为公告送达期满后十五日内，并定于举证期满后第三日上午九时在本院第三法庭公开开庭审理，逾期将依法缺席判决。本院受理原告与被告纠纷一案，因你下落不明，依照《中华人民共和国民事诉讼法》的规定，向你公告送达起诉状副本、应诉通知书、举证通知书、开庭传票等。自公告之日起经过三十日即视为送达。提出答辩状和举证的期限为公告送达期满后十五日内，并定于举证期满后第三日上午九时在本院第三法庭公开开庭审理，逾期将依法缺席判决。本院受理原告与被告纠纷一案，因你下落不明，依照《中华人民共和国民事诉讼法》的规定，向你公告送达起诉状副本、应诉通知书、举证通知书、开庭传票等。自公告之日起经过三十日即视为送达。提出答辩状和举证的期限为公告送达期满后十五日内，并定于举证期满后第三日上午九时在本院第三法庭公开开庭审理，逾期将依法缺席判决。
江苏省无锡市滨湖区人民法院
本院受理原告与被告纠纷一案，因你下落不明，依照《中华人民共和国民事诉讼法》的规定，向你公告送达起诉状副本、应诉通知书、举证通知书、开庭传票等。自公告之日起经过三十日即视为送达。提出答辩状和举证的期限为公告送达期满后十五日内，并定于举证期满后第三日上午九时在本院第三法庭公开开庭审理，逾期将依法缺席判决。本院受理原告与被告纠纷一案，因你下落不明，依照《中华人民共和国民事诉讼法》的规定，向你公告送达起诉状副本、应诉通知书、举证通知书、开庭传票等。自公告之日起经过三十日即视为送达。提出答辩状和举证的期限为公告送达期满后十五日内，并定于举证期满后第三日上午九时在本院第三法庭公开开庭审理，逾期将依法缺席判决。本院受理原告与被告纠纷一案，因你下落不明，依照《中华人民共和国民事诉讼法》的规定，向你公告送达起诉状副本、应诉通知书、举证通知书、开庭传票等。自公告之日起经过三十日即视为送达。提出答辩状和举证的期限为公告送达期满后十五日内，并定于举证期满后第三日上午九时在本院第三法庭公开开庭审理，逾期将依法缺席判决。本院受理原告与被告纠纷一案，因你下落不明，依照《中华人民共和国民事诉讼法》的规定，向你公告送达起诉状副本、应诉通知书、举证通知书、开庭传票等。自公告之日起经过三十日即视为送达。提出答辩状和举证的期限为公告送达期满后十五日内，并定于举证期满后第三日上午九时在本院第三法庭公开开庭审理，逾期将依法缺席判决。
江苏省盐城市亭湖区人民法院
本院受理原告与被告纠纷一案，因你下落不明，依照《中华人民共和国民事诉讼法》的规定，向你公告送达起诉状副本、应诉通知书、举证通知书、开庭传票等。自公告之日起经过三十日即视为送达。提出答辩状和举证的期限为公告送达期满后十五日内，并定于举证期满后第三日上午九时在本院第三法庭公开开庭审理，逾期将依法缺席判决。本院受理原告与被告纠纷一案，因你下落不明，依照《中华人民共和国民事诉讼法》的规定，向你公告送达起诉状副本、应诉通知书、举证通知书、开庭传票等。自公告之日起经过三十日即视为送达。提出答辩状和举证的期限为公告送达期满后十五日内，并定于举证期满后第三日上午九时在本院第三法庭公开开庭审理，逾期将依法缺席判决。
湖南省岳阳市岳阳楼区人民法院
本院受理原告与被告纠纷一案，因你下落不明，依照《中华人民共和国民事诉讼法》的规定，向你公告送达起诉状副本、应诉通知书、举证通知书、开庭传票等。自公告之日起经过三十日即视为送达。提出答辩状和举证的期限为公告送达期满后十五日内，并定于举证期满后第三日上午九时在本院第三法庭公开开庭审理，逾期将依法缺席判决。本院受理原告与被告纠纷一案，因你下落不明，依照《中华人民共和国民事诉讼法》的规定，向你公告送达起诉状副本、应诉通知书、举证通知书、开庭传票等。自公告之日起经过三十日即视为送达。提出答辩状和举证的期限为公告送达期满后十五日内，并定于举证期满后第三日上午九时在本院第三法庭公开开庭审理，逾期将依法缺席判决。本院受理原告与被告纠纷一案，因你下落不明，依照《中华人民共和国民事诉讼法》的规定，向你公告送达起诉状副本、应诉通知书、举证通知书、开庭传票等。自公告之日起经过三十日即视为送达。提出答辩状和举证的期限为公告送达期满后十五日内，并定于举证期满后第三日上午九时在本院第三法庭公开开庭审理，逾期将依法缺席判决。
江苏省扬州市邗江区人民法院
本院受理原告与被告纠纷一案，因你下落不明，依照《中华人民共和国民事诉讼法》的规定，向你公告送达起诉状副本、应诉通知书、举证通知书、开庭传票等。自公告之日起经过三十日即视为送达。提出答辩状和举证的期限为公告送达期满后十五日内，并定于举证期满后第三日上午九时在本院第三法庭公开开庭审理，逾期将依法缺席判决。本院受理原告与被告纠纷一案，因你下落不明，依照《中华人民共和国民事诉讼法》的规定，向你公告送达起诉状副本、应诉通知书、举证通知书、开庭传票等。自公告之日起经过三十日即视为送达。提出答辩状和举证的期限为公告送达期满后十五日内，并定于举证期满后第三日上午九时在本院第三法庭公开开庭审理，逾期将依法缺席判决。本院受理原告与被告纠纷一案，因你下落不明，依照《中华人民共和国民事诉讼法》的规定，向你公告送达起诉状副本、应诉通知书、举证通知书、开庭传票等。自公告之日起经过三十日即视为送达。提出答辩状和举证的期限为公告送达期满后十五日内，并定于举证期满后第三日上午九时在本院第三法庭公开开庭审理，逾期将依法缺席判决。本院受理原告与被告纠纷一案，因你下落不明，依照《中华人民共和国民事诉讼法》的规定，向你公告送达起诉状副本、应诉通知书、举证通知书、开庭传票等。自公告之日起经过三十日即视为送达。提出答辩状和举证的期限为公告送达期满后十五日内，并定于举证期满后第三日上午九时在本院第三法庭公开开庭审理，逾期将依法缺席判决。
广东省东莞市第一人民法院
本院受理原告与被告纠纷一案，因你下落不明，依照《中华人民共和国民事诉讼法》的规定，向你公告送达起诉状副本、应诉通知书、举证通知书、开庭传票等。自公告之日起经过三十日即视为送达。提出答辩状和举证的期限为公告送达期满后十五日内，并定于举证期满后第三日上午九时在本院第三法庭公开开庭审理，逾期将依法缺席判决。本院受理原告与被告纠纷一案，因你下落不明，依照《中华人民共和国民事诉讼法》的规定，向你公告送达起诉状副本、应诉通知书、举证通知书、开庭传票等。自公告之日起经过三十日即视为送达。提出答辩状和举证的期限为公告送达期满后十五日内，并定于举证期满后第三日上午九时在本院第三法庭公开开庭审理，逾期将依法缺席判决。
江苏省连云港市海州区人民法院
本院受理原告与被告纠纷一案，因你下落不明，依照《中华人民共和国民事诉讼法》的规定，向你公告送达起诉状副本、应诉通知书、举证通知书、开庭传票等。自公告之日起经过三十日即视为送达。提出答辩状和举证的期限为公告送达期满后十五日内，并定于举证期满后第三日上午九时在本院第三法庭公开开庭审理，逾期将依法缺席判决。本院受理原告与被告纠纷一案，因你下落不明，依照《中华人民共和国民事诉讼法》的规定，向你公告送达起诉状副本、应诉通知书、举证通知书、开庭传票等。自公告之日起经过三十日即视为送达。提出答辩状和举证的期限为公告送达期满后十五日内，并定于举证期满后第三日上午九时在本院第三法庭公开开庭审理，逾期将依法缺席判决。本院受理原告与被告纠纷一案，因你下落不明，依照《中华人民共和国民事诉讼法》的规定，向你公告送达起诉状副本、应诉通知书、举证通知书、开庭传票等。自公告之日起经过三十日即视为送达。提出答辩状和举证的期限为公告送达期满后十五日内，并定于举证期满后第三日上午九时在本院第三法庭公开开庭审理，逾期将依法缺席判决。
江苏省宿迁市宿城区人民法院
本院受理原告与被告纠纷一案，因你下落不明，依照《中华人民共和国民事诉讼法》的规定，向你公告送达起诉状副本、应诉通知书、举证通知书、开庭传票等。自公告之日起经过三十日即视为送达。提出答辩状和举证的期限为公告送达期满后十五日内，并定于举证期满后第三日上午九时在本院第三法庭公开开庭审理，逾期将依法缺席判决。本院受理原告与被告纠纷一案，因你下落不明，依照《中华人民共和国民事诉讼法》的规定，向你公告送达起诉状副本、应诉通知书、举证通知书、开庭传票等。自公告之日起经过三十日即视为送达。提出答辩状和举证的期限为公告送达期满后十五日内，并定于举证期满后第三日上午九时在本院第三法庭公开开庭审理，逾期将依法缺席判决。本院受理原告与被告纠纷一案，因你下落不明，依照《中华人民共和国民事诉讼法》的规定，向你公告送达起诉状副本、应诉通知书、举证通知书、开庭传票等。自公告之日起经过三十日即视为送达。提出答辩状和举证的期限为公告送达期满后十五日内，并定于举证期满后第三日上午九时在本院第三法庭公开开庭审理，逾期将依法缺席判决。本院受理原告与被告纠纷一案，因你下落不明，依照《中华人民共和国民事诉讼法》的规定，向你公告送达起诉状副本、应诉通知书、举证通知书、开庭传票等。自公告之日起经过三十日即视为送达。提出答辩状和举证的期限为公告送达期满后十五日内，并定于举证期满后第三日上午九时在本院第三法庭公开开庭审理，逾期将依法缺席判决。
浙江省绍兴市越城区人民法院
本院受理原告与被告纠纷一案，因你下落不明，依照《中华人民共和国民事诉讼法》的规定，向你公告送达起诉状副本、应诉通知书、举证通知书、开庭传票等。自公告之日起经过三十日即视为送达。提出答辩状和举证的期限为公告送达期满后十五日内，并定于举证期满后第三日上午九时在本院第三法庭公开开庭审理，逾期将依法缺席判决。本院受理原告与被告纠纷一案，因你下落不明，依照《中华人民共和国民事诉讼法》的规定，向你公告送达起诉状副本、应诉通知书、举证通知书、开庭传票等。自公告之日起经过三十日即视为送达。提出答辩状和举证的期限为公告送达期满后十五日内，并定于举证期满后第三日上午九时在本院第三法庭公开开庭审理，逾期将依法缺席判决。
江苏省泰州市海陵区人民法院
本院受理原告与被告纠纷一案，因你下落不明，依照《中华人民共和国民事诉讼法》的规定，向你公告送达起诉状副本、应诉通知书、举证通知书、开庭传票等。自公告之日起经过三十日即视为送达。提出答辩状和举证的期限为公告送达期满后十五日内，并定于举证期满后第三日上午九时在本院第三法庭公开开庭审理，逾期将依法缺席判决。本院受理原告与被告纠纷一案，因你下落不明，依照《中华人民共和国民事诉讼法》的规定，向你公告送达起诉状副本、应诉通知书、举证通知书、开庭传票等。自公告之日起经过三十日即视为送达。提出答辩状和举证的期限为公告送达期满后十五日内，并定于举证期满后第三日上午九时在本院第三法庭公开开庭审理，逾期将依法缺席判决。本院受理原告与被告纠纷一案，因你下落不明，依照《中华人民共和国民事诉讼法》的规定，向你公告送达起诉状副本、应诉通知书、举证通知书、开庭传票等。自公告之日起经过三十日即视为送达。提出答辩状和举证的期限为公告送达期满后十五日内，并定于举证期满后第三日上午九时在本院第三法庭公开开庭审理，逾期将依法缺席判决。
福建省厦门市思明区人民法院
本院受理原告与被告纠纷一案，因你下落不明，依照《中华人民共和国民事诉讼法》的规定，向你公告送达起诉状副本、应诉通知书、举证通知书、开庭传票等。自公告之日起经过三十日即视为送达。提出答辩状和举证的期限为公告送达期满后十五日内，并定于举证期满后第三日上午九时在本院第三法庭公开开庭审理，逾期将依法缺席判决。本院受理原告与被告纠纷一案，因你下落不明，依照《中华人民共和国民事诉讼法》的规定，向你公告送达起诉状副本、应诉通知书、举证通知书、开庭传票等。自公告之日起经过三十日即视为送达。提出答辩状和举证的期限为公告送达期满后十五日内，并定于举证期满后第三日上午九时在本院第三法庭公开开庭审理，逾期将依法缺席判决。本院受理原告与被告纠纷一案，因你下落不明，依照《中华人民共和国民事诉讼法》的规定，向你公告送达起诉状副本、应诉通知书、举证通知书、开庭传票等。自公告之日起经过三十日即视为送达。提出答辩状和举证的期限为公告送达期满后十五日内，并定于举证期满后第三日上午九时在本院第三法庭公开开庭审理，逾期将依法缺席判决。本院受理原告与被告纠纷一案，因你下落不明，依照《中华人民共和国民事诉讼法》的规定，向你公告送达起诉状副本、应诉通知书、举证通知书、开庭传票等。自公告之日起经过三十日即视为送达。提出答辩状和举证的期限为公告送达期满后十五日内，并定于举证期满后第三日上午九时在本院第三法庭公开开庭审理，逾期将依法缺席判决。
江苏省南京市鼓楼区人民法院
江苏省南京市人民法院
公告专栏
本院受理原告与被告纠纷一案，因你下落不明，依照《中华人民共和国民事诉讼法》的规定，向你公告送达起诉状副本、应诉通知书、举证通知书、开庭传票等。自公告之日起经过三十日即视为送达。提出答辩状和举证的期限为公告送达期满后十五日内，并定于举证期满后第三日上午九时在本院第三法庭公开开庭审理，逾期将依法缺席判决。本院受理原告与被告纠纷一案，因你下落不明，依照《中华人民共和国民事诉讼法》的规定，向你公告送达起诉状副本、应诉通知书、举证通知书、开庭传票等。自公告之日起经过三十日即视为送达。提出答辩状和举证的期限为公告送达期满后十五日内，并定于举证期满后第三日上午九时在本院第三法庭公开开庭审理，逾期将依法缺席判决。
江苏省苏州市虎丘区人民法院
本院受理原告与被告纠纷一案，因你下落不明，依照《中华人民共和国民事诉讼法》的规定，向你公告送达起诉状副本、应诉通知书、举证通知书、开庭传票等。自公告之日起经过三十日即视为送达。提出答辩状和举证的期限为公告送达期满后十五日内，并定于举证期满后第三日上午九时在本院第三法庭公开开庭审理，逾期将依法缺席判决。本院受理原告与被告纠纷一案，因你下落不明，依照《中华人民共和国民事诉讼法》的规定，向你公告送达起诉状副本、应诉通知书、举证通知书、开庭传票等。自公告之日起经过三十日即视为送达。提出答辩状和举证的期限为公告送达期满后十五日内，并定于举证期满后第三日上午九时在本院第三法庭公开开庭审理，逾期将依法缺席判决。本院受理原告与被告纠纷一案，因你下落不明，依照《中华人民共和国民事诉讼法》的规定，向你公告送达起诉状副本、应诉通知书、举证通知书、开庭传票等。自公告之日起经过三十日即视为送达。提出答辩状和举证的期限为公告送达期满后十五日内，并定于举证期满后第三日上午九时在本院第三法庭公开开庭审理，逾期将依法缺席判决。
江苏省南通市通州区人民法院
本院受理原告与被告纠纷一案，因你下落不明，依照《中华人民共和国民事诉讼法》的规定，向你公告送达起诉状副本、应诉通知书、举证通知书、开庭传票等。自公告之日起经过三十日即视为送达。提出答辩状和举证的期限为公告送达期满后十五日内，并定于举证期满后第三日上午九时在本院第三法庭公开开庭审理，逾期将依法缺席判决。本院受理原告与被告纠纷一案，因你下落不明，依照《中华人民共和国民事诉讼法》的规定，向你公告送达起诉状副本、应诉通知书、举证通知书、开庭传票等。自公告之日起经过三十日即视为送达。提出答辩状和举证的期限为公告送达期满后十五日内，并定于举证期满后第三日上午九时在本院第三法庭公开开庭审理，逾期将依法缺席判决。本院受理原告与被告纠纷一案，因你下落不明，依照《中华人民共和国民事诉讼法》的规定，向你公告送达起诉状副本、应诉通知书、举证通知书、开庭传票等。自公告之日起经过三十日即视为送达。提出答辩状和举证的期限为公告送达期满后十五日内，并定于举证期满后第三日上午九时在本院第三法庭公开开庭审理，逾期将依法缺席判决。本院受理原告与被告纠纷一案，因你下落不明，依照《中华人民共和国民事诉讼法》的规定，向你公告送达起诉状副本、应诉通知书、举证通知书、开庭传票等。自公告之日起经过三十日即视为送达。提出答辩状和举证的期限为公告送达期满后十五日内，并定于举证期满后第三日上午九时在本院第三法庭公开开庭审理，逾期将依法缺席判决。
江苏省昆山市人民法院
本院受理原告与被告纠纷一案，因你下落不明，依照《中华人民共和国民事诉讼法》的规定，向你公告送达起诉状副本、应诉通知书、举证通知书、开庭传票等。自公告之日起经过三十日即视为送达。提出答辩状和举证的期限为公告送达期满后十五日内，并定于举证期满后第三日上午九时在本院第三法庭公开开庭审理，逾期将依法缺席判决。本院受理原告与被告纠纷一案，因你下落不明，依照《中华人民共和国民事诉讼法》的规定，向你公告送达起诉状副本、应诉通知书、举证通知书、开庭传票等。自公告之日起经过三十日即视为送达。提出答辩状和举证的期限为公告送达期满后十五日内，并定于举证期满后第三日上午九时在本院第三法庭公开开庭审理，逾期将依法缺席判决。
江苏省张家港市人民法院
本院受理原告与被告纠纷一案，因你下落不明，依照《中华人民共和国民事诉讼法》的规定，向你公告送达起诉状副本、应诉通知书、举证通知书、开庭传票等。自公告之日起经过三十日即视为送达。提出答辩状和举证的期限为公告送达期满后十五日内，并定于举证期满后第三日上午九时在本院第三法庭公开开庭审理，逾期将依法缺席判决。本院受理原告与被告纠纷一案，因你下落不明，依照《中华人民共和国民事诉讼法》的规定，向你公告送达起诉状副本、应诉通知书、举证通知书、开庭传票等。自公告之日起经过三十日即视为送达。提出答辩状和举证的期限为公告送达期满后十五日内，并定于举证期满后第三日上午九时在本院第三法庭公开开庭审理，逾期将依法缺席判决。本院受理原告与被告纠纷一案，因你下落不明，依照《中华人民共和国民事诉讼法》的规定，向你公告送达起诉状副本、应诉通知书、举证通知书、开庭传票等。自公告之日起经过三十日即视为送达。提出答辩状和举证的期限为公告送达期满后十五日内，并定于举证期满后第三日上午九时在本院第三法庭公开开庭审理，逾期将依法缺席判决。
江苏省常熟市人民法院
本院受理原告与被告纠纷一案，因你下落不明，依照《中华人民共和国民事诉讼法》的规定，向你公告送达起诉状副本、应诉通知书、举证通知书、开庭传票等。自公告之日起经过三十日即视为送达。提出答辩状和举证的期限为公告送达期满后十五日内，并定于举证期满后第三日上午九时在本院第三法庭公开开庭审理，逾期将依法缺席判决。本院受理原告与被告纠纷一案，因你下落不明，依照《中华人民共和国民事诉讼法》的规定，向你公告送达起诉状副本、应诉通知书、举证通知书、开庭传票等。自公告之日起经过三十日即视为送达。提出答辩状和举证的期限为公告送达期满后十五日内，并定于举证期满后第三日上午九时在本院第三法庭公开开庭审理，逾期将依法缺席判决。本院受理原告与被告纠纷一案，因你下落不明，依照《中华人民共和国民事诉讼法》的规定，向你公告送达起诉状副本、应诉通知书、举证通知书、开庭传票等。自公告之日起经过三十日即视为送达。提出答辩状和举证的期限为公告送达期满后十五日内，并定于举证期满后第三日上午九时在本院第三法庭公开开庭审理，逾期将依法缺席判决。本院受理原告与被告纠纷一案，因你下落不明，依照《中华人民共和国民事诉讼法》的规定，向你公告送达起诉状副本、应诉通知书、举证通知书、开庭传票等。自公告之日起经过三十日即视为送达。提出答辩状和举证的期限为公告送达期满后十五日内，并定于举证期满后第三日上午九时在本院第三法庭公开开庭审理，逾期将依法缺席判决。
江苏省太仓市人民法院
本院受理原告与被告纠纷一案，因你下落不明，依照《中华人民共和国民事诉讼法》的规定，向你公告送达起诉状副本、应诉通知书、举证通知书、开庭传票等。自公告之日起经过三十日即视为送达。提出答辩状和举证的期限为公告送达期满后十五日内，并定于举证期满后第三日上午九时在本院第三法庭公开开庭审理，逾期将依法缺席判决。本院受理原告与被告纠纷一案，因你下落不明，依照《中华人民共和国民事诉讼法》的规定，向你公告送达起诉状副本、应诉通知书、举证通知书、开庭传票等。自公告之日起经过三十日即视为送达。提出答辩状和举证的期限为公告送达期满后十五日内，并定于举证期满后第三日上午九时在本院第三法庭公开开庭审理，逾期将依法缺席判决。
江苏省江阴市人民法院
本院受理原告与被告纠纷一案，因你下落不明，依照《中华人民共和国民事诉讼法》的规定，向你公告送达起诉状副本、应诉通知书、举证通知书、开庭传票等。自公告之日起经过三十日即视为送达。提出答辩状和举证的期限为公告送达期满后十五日内，并定于举证期满后第三日上午九时在本院第三法庭公开开庭审理，逾期将依法缺席判决。本院受理原告与被告纠纷一案，因你下落不明，依照《中华人民共和国民事诉讼法》的规定，向你公告送达起诉状副本、应诉通知书、举证通知书、开庭传票等。自公告之日起经过三十日即视为送达。提出答辩状和举证的期限为公告送达期满后十五日内，并定于举证期满后第三日上午九时在本院第三法庭公开开庭审理，逾期将依法缺席判决。本院受理原告与被告纠纷一案，因你下落不明，依照《中华人民共和国民事诉讼法》的规定，向你公告送达起诉状副本、应诉通知书、举证通知书、开庭传票等。自公告之日起经过三十日即视为送达。提出答辩状和举证的期限为公告送达期满后十五日内，并定于举证期满后第三日上午九时在本院第三法庭公开开庭审理，逾期将依法缺席判决。
江苏省宜兴市人民法院
本院受理原告与被告纠纷一案，因你下落不明，依照《中华人民共和国民事诉讼法》的规定，向你公告送达起诉状副本、应诉通知书、举证通知书、开庭传票等。自公告之日起经过三十日即视为送达。提出答辩状和举证的期限为公告送达期满后十五日内，并定于举证期满后第三日上午九时在本院第三法庭公开开庭审理，逾期将依法缺席判决。本院受理原告与被告纠纷一案，因你下落不明，依照《中华人民共和国民事诉讼法》的规定，向你公告送达起诉状副本、应诉通知书、举证通知书、开庭传票等。自公告之日起经过三十日即视为送达。提出答辩状和举证的期限为公告送达期满后十五日内，并定于举证期满后第三日上午九时在本院第三法庭公开开庭审理，逾期将依法缺席判决。本院受理原告与被告纠纷一案，因你下落不明，依照《中华人民共和国民事诉讼法》的规定，向你公告送达起诉状副本、应诉通知书、举证通知书、开庭传票等。自公告之日起经过三十日即视为送达。提出答辩状和举证的期限为公告送达期满后十五日内，并定于举证期满后第三日上午九时在本院第三法庭公开开庭审理，逾期将依法缺席判决。本院受理原告与被告纠纷一案，因你下落不明，依照《中华人民共和国民事诉讼法》的规定，向你公告送达起诉状副本、应诉通知书、举证通知书、开庭传票等。自公告之日起经过三十日即视为送达。提出答辩状和举证的期限为公告送达期满后十五日内，并定于举证期满后第三日上午九时在本院第三法庭公开开庭审理，逾期将依法缺席判决。
江苏省丹阳市人民法院
本院受理原告与被告纠纷一案，因你下落不明，依照《中华人民共和国民事诉讼法》的规定，向你公告送达起诉状副本、应诉通知书、举证通知书、开庭传票等。自公告之日起经过三十日即视为送达。提出答辩状和举证的期限为公告送达期满后十五日内，并定于举证期满后第三日上午九时在本院第三法庭公开开庭审理，逾期将依法缺席判决。本院受理原告与被告纠纷一案，因你下落不明，依照《中华人民共和国民事诉讼法》的规定，向你公告送达起诉状副本、应诉通知书、举证通知书、开庭传票等。自公告之日起经过三十日即视为送达。提出答辩状和举证的期限为公告送达期满后十五日内，并定于举证期满后第三日上午九时在本院第三法庭公开开庭审理，逾期将依法缺席判决。
江苏省溧阳市人民法院
本院受理原告与被告纠纷一案，因你下落不明，依照《中华人民共和国民事诉讼法》的规定，向你公告送达起诉状副本、应诉通知书、举证通知书、开庭传票等。自公告之日起经过三十日即视为送达。提出答辩状和举证的期限为公告送达期满后十五日内，并定于举证期满后第三日上午九时在本院第三法庭公开开庭审理，逾期将依法缺席判决。本院受理原告与被告纠纷一案，因你下落不明，依照《中华人民共和国民事诉讼法》的规定，向你公告送达起诉状副本、应诉通知书、举证通知书、开庭传票等。自公告之日起经过三十日即视为送达。提出答辩状和举证的期限为公告送达期满后十五日内，并定于举证期满后第三日上午九时在本院第三法庭公开开庭审理，逾期将依法缺席判决。本院受理原告与被告纠纷一案，因你下落不明，依照《中华人民共和国民事诉讼法》的规定，向你公告送达起诉状副本、应诉通知书、举证通知书、开庭传票等。自公告之日起经过三十日即视为送达。提出答辩状和举证的期限为公告送达期满后十五日内，并定于举证期满后第三日上午九时在本院第三法庭公开开庭审理，逾期将依法缺席判决。
江苏省如皋市人民法院
本院受理原告与被告纠纷一案，因你下落不明，依照《中华人民共和国民事诉讼法》的规定，向你公告送达起诉状副本、应诉通知书、举证通知书、开庭传票等。自公告之日起经过三十日即视为送达。提出答辩状和举证的期限为公告送达期满后十五日内，并定于举证期满后第三日上午九时在本院第三法庭公开开庭审理，逾期将依法缺席判决。本院受理原告与被告纠纷一案，因你下落不明，依照《中华人民共和国民事诉讼法》的规定，向你公告送达起诉状副本、应诉通知书、举证通知书、开庭传票等。自公告之日起经过三十日即视为送达。提出答辩状和举证的期限为公告送达期满后十五日内，并定于举证期满后第三日上午九时在本院第三法庭公开开庭审理，逾期将依法缺席判决。本院受理原告与被告纠纷一案，因你下落不明，依照《中华人民共和国民事诉讼法》的规定，向你公告送达起诉状副本、应诉通知书、举证通知书、开庭传票等。自公告之日起经过三十日即视为送达。提出答辩状和举证的期限为公告送达期满后十五日内，并定于举证期满后第三日上午九时在本院第三法庭公开开庭审理，逾期将依法缺席判决。本院受理原告与被告纠纷一案，因你下落不明，依照《中华人民共和国民事诉讼法》的规定，向你公告送达起诉状副本、应诉通知书、举证通知书、开庭传票等。自公告之日起经过三十日即视为送达。提出答辩状和举证的期限为公告送达期满后十五日内，并定于举证期满后第三日上午九时在本院第三法庭公开开庭审理，逾期将依法缺席判决。
江苏省启东市人民法院
本院受理原告与被告纠纷一案，因你下落不明，依照《中华人民共和国民事诉讼法》的规定，向你公告送达起诉状副本、应诉通知书、举证通知书、开庭传票等。自公告之日起经过三十日即视为送达。提出答辩状和举证的期限为公告送达期满后十五日内，并定于举证期满后第三日上午九时在本院第三法庭公开开庭审理，逾期将依法缺席判决。本院受理原告与被告纠纷一案，因你下落不明，依照《中华人民共和国民事诉讼法》的规定，向你公告送达起诉状副本、应诉通知书、举证通知书、开庭传票等。自公告之日起经过三十日即视为送达。提出答辩状和举证的期限为公告送达期满后十五日内，并定于举证期满后第三日上午九时在本院第三法庭公开开庭审理，逾期将依法缺席判决。
江苏省东台市人民法院
债权申报公告
本院受理原告与被告纠纷一案，因你下落不明，依照《中华人民共和国民事诉讼法》的规定，向你公告送达起诉状副本、应诉通知书、举证通知书、开庭传票等。自公告之日起经过三十日即视为送达。提出答辩状和举证的期限为公告送达期满后十五日内，并定于举证期满后第三日上午九时在本院第三法庭公开开庭审理，逾期将依法缺席判决。本院受理原告与被告纠纷一案，因你下落不明，依照《中华人民共和国民事诉讼法》的规定，向你公告送达起诉状副本、应诉通知书、举证通知书、开庭传票等。自公告之日起经过三十日即视为送达。提出答辩状和举证的期限为公告送达期满后十五日内，并定于举证期满后第三日上午九时在本院第三法庭公开开庭审理，逾期将依法缺席判决。
股权转让公告
本院受理原告与被告纠纷一案，因你下落不明，依照《中华人民共和国民事诉讼法》的规定，向你公告送达起诉状副本、应诉通知书、举证通知书、开庭传票等。自公告之日起经过三十日即视为送达。提出答辩状和举证的期限为公告送达期满后十五日内，并定于举证期满后第三日上午九时在本院第三法庭公开开庭审理，逾期将依法缺席判决。本院受理原告与被告纠纷一案，因你下落不明，依照《中华人民共和国民事诉讼法》的规定，向你公告送达起诉状副本、应诉通知书、举证通知书、开庭传票等。自公告之日起经过三十日即视为送达。提出答辩状和举证的期限为公告送达期满后十五日内，并定于举证期满后第三日上午九时在本院第三法庭公开开庭审理，逾期将依法缺席判决。
注销公告
本院受理原告与被告纠纷一案，因你下落不明，依照《中华人民共和国民事诉讼法》的规定，向你公告送达起诉状副本、应诉通知书、举证通知书、开庭传票等。自公告之日起经过三十日即视为送达。提出答辩状和举证的期限为公告送达期满后十五日内，并定于举证期满后第三日上午九时在本院第三法庭公开开庭审理，逾期将依法缺席判决。本院受理原告与被告纠纷一案，因你下落不明，依照《中华人民共和国民事诉讼法》的规定，向你公告送达起诉状副本、应诉通知书、举证通知书、开庭传票等。自公告之日起经过三十日即视为送达。提出答辩状和举证的期限为公告送达期满后十五日内，并定于举证期满后第三日上午九时在本院第三法庭公开开庭审理，逾期将依法缺席判决。
遗失声明
本院受理原告与被告纠纷一案，因你下落不明，依照《中华人民共和国民事诉讼法》的规定，向你公告送达起诉状副本、应诉通知书、举证通知书、开庭传票等。自公告之日起经过三十日即视为送达。提出答辩状和举证的期限为公告送达期满后十五日内，并定于举证期满后第三日上午九时在本院第三法庭公开开庭审理，逾期将依法缺席判决。本院受理原告与被告纠纷一案，因你下落不明，依照《中华人民共和国民事诉讼法》的规定，向你公告送达起诉状副本、应诉通知书、举证通知书、开庭传票等。自公告之日起经过三十日即视为送达。提出答辩状和举证的期限为公告送达期满后十五日内，并定于举证期满后第三日上午九时在本院第三法庭公开开庭审理，逾期将依法缺席判决。
郑重的社会公众：
本院受理原告与被告纠纷一案，因你下落不明，依照《中华人民共和国民事诉讼法》的规定，向你公告送达起诉状副本、应诉通知书、举证通知书、开庭传票等。自公告之日起经过三十日即视为送达。提出答辩状和举证的期限为公告送达期满后十五日内，并定于举证期满后第三日上午九时在本院第三法庭公开开庭审理，逾期将依法缺席判决。本院受理原告与被告纠纷一案，因你下落不明，依照《中华人民共和国民事诉讼法》的规定，向你公告送达起诉状副本、应诉通知书、举证通知书、开庭传票等。自公告之日起经过三十日即视为送达。提出答辩状和举证的期限为公告送达期满后十五日内，并定于举证期满后第三日上午九时在本院第三法庭公开开庭审理，逾期将依法缺席判决。
特此公告
